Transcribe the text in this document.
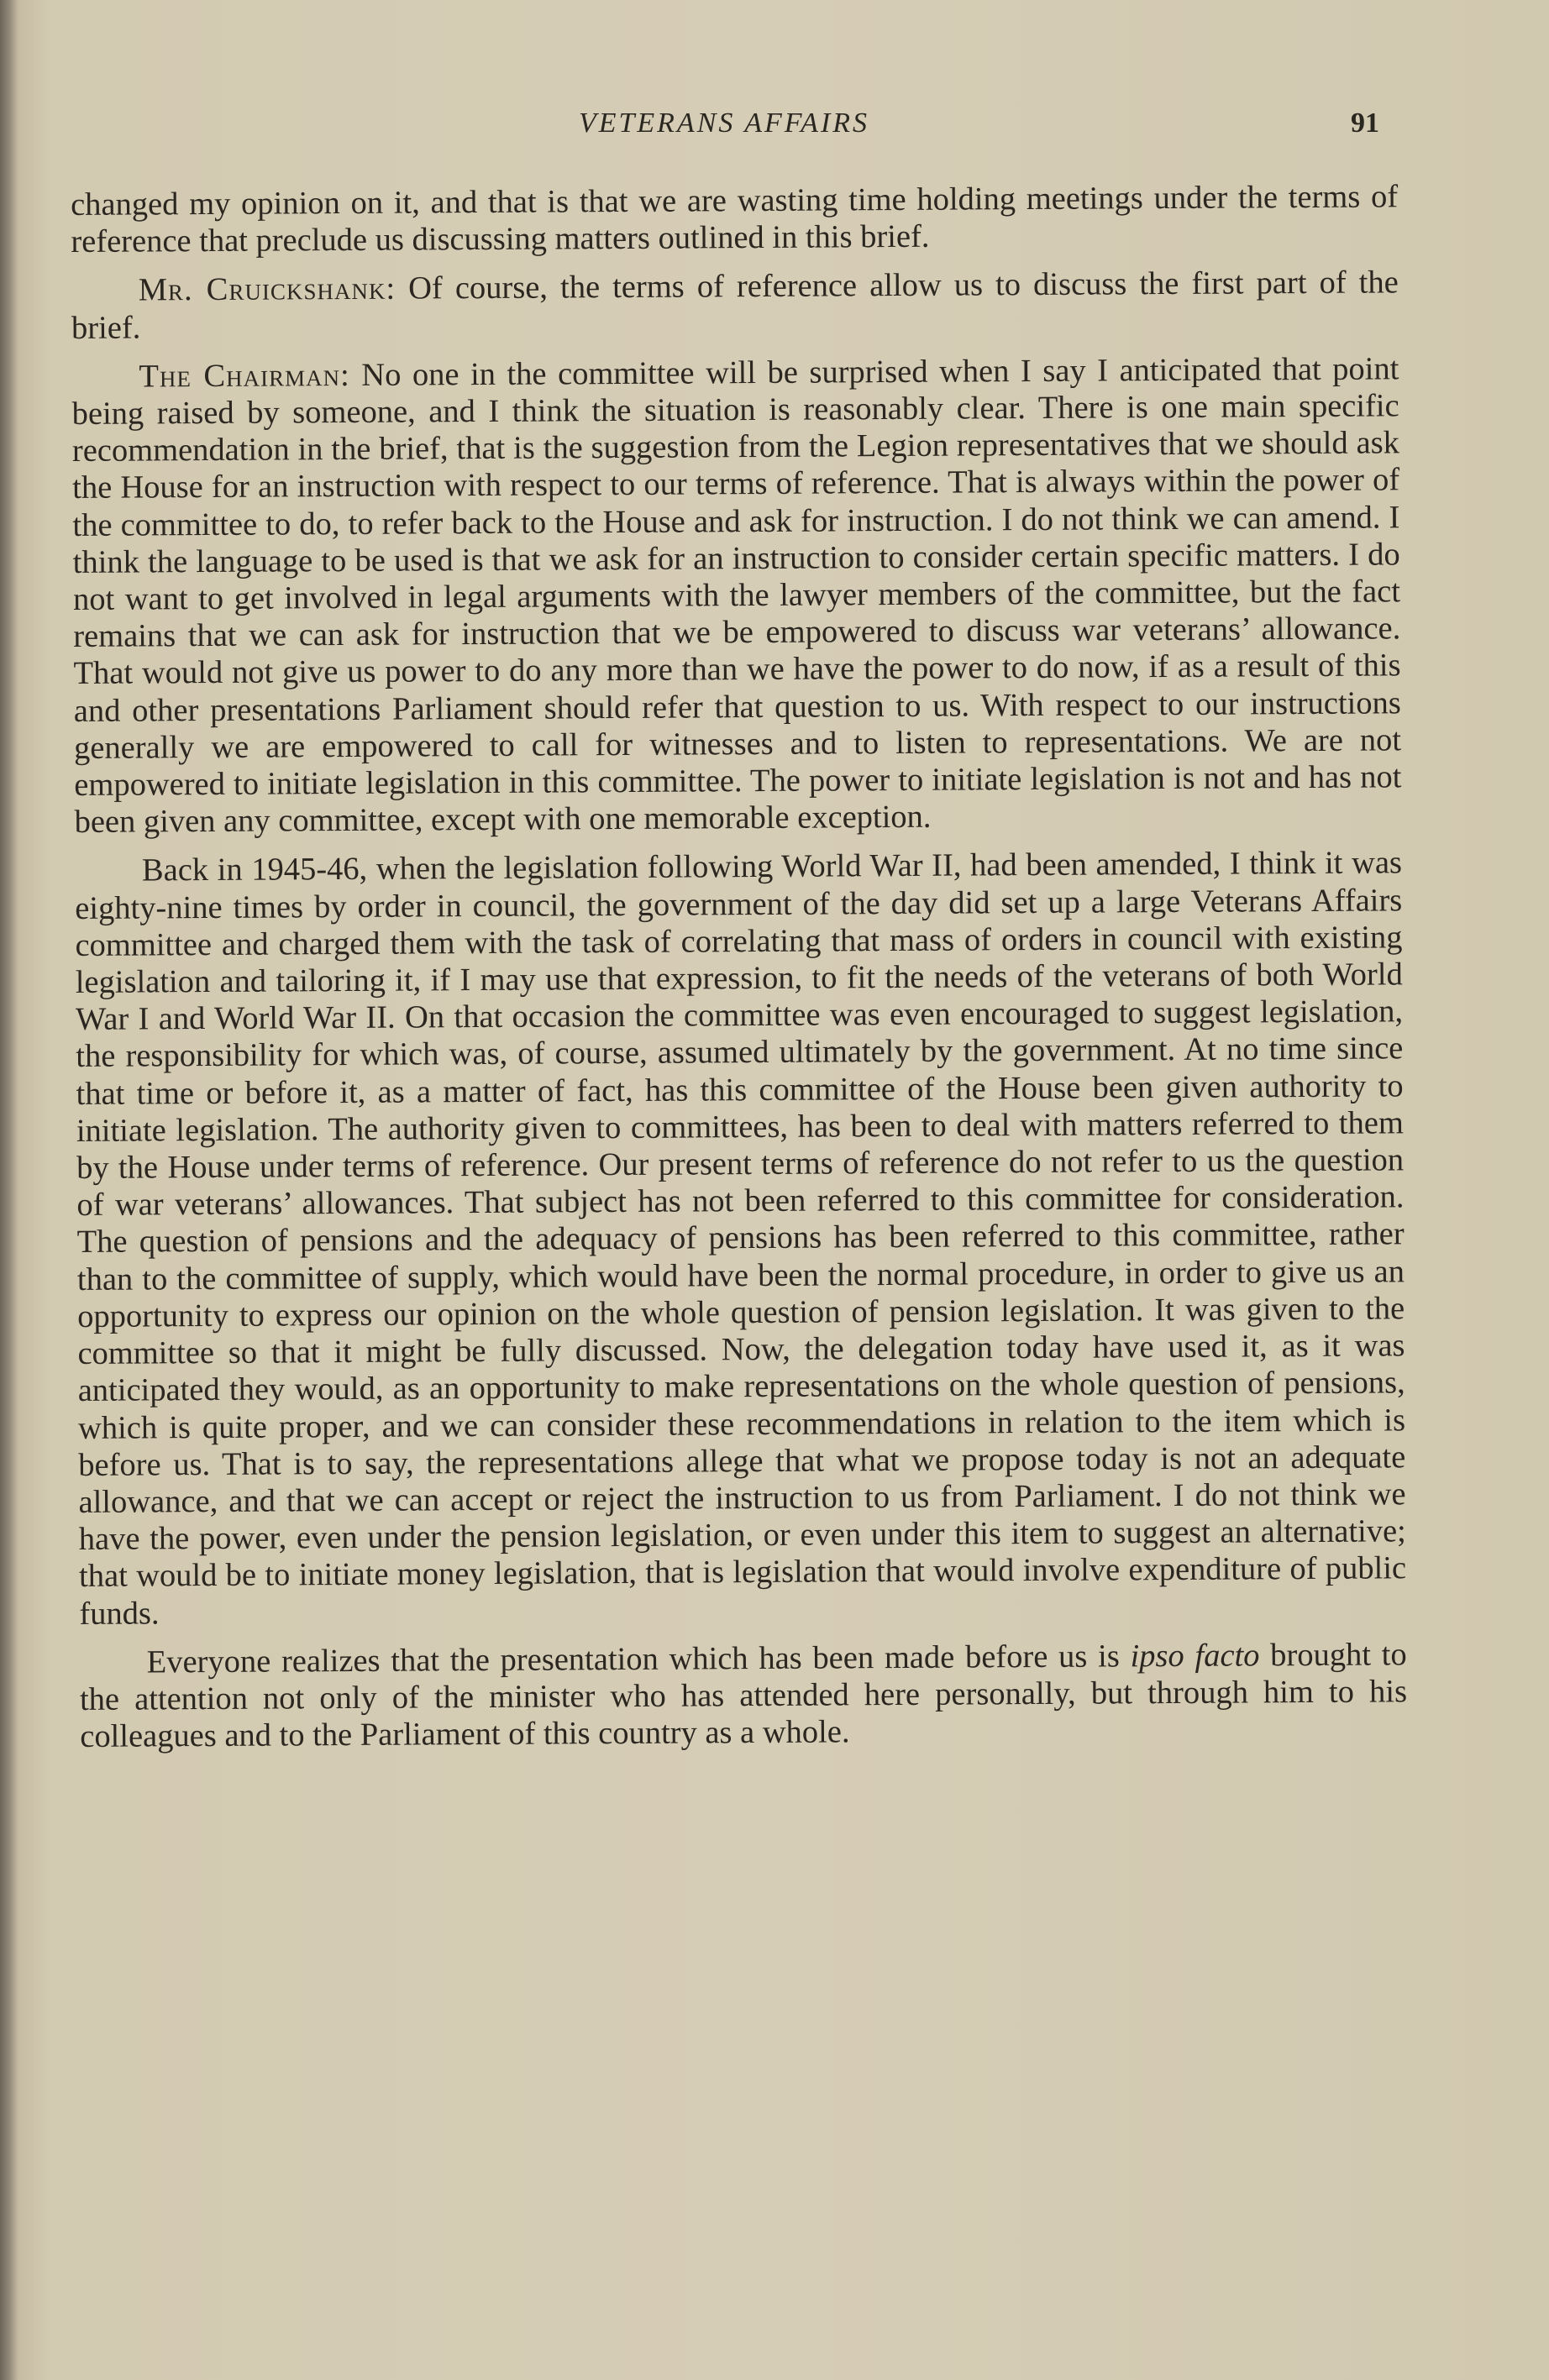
VETERANS AFFAIRS	91

changed my opinion on it, and that is that we are wasting time holding meetings under the terms of reference that preclude us discussing matters outlined in this brief.

Mr. Cruickshank: Of course, the terms of reference allow us to discuss the first part of the brief.

The Chairman: No one in the committee will be surprised when I say I anticipated that point being raised by someone, and I think the situation is reasonably clear. There is one main specific recommendation in the brief, that is the suggestion from the Legion representatives that we should ask the House for an instruction with respect to our terms of reference. That is always within the power of the committee to do, to refer back to the House and ask for instruction. I do not think we can amend. I think the language to be used is that we ask for an instruction to consider certain specific matters. I do not want to get involved in legal arguments with the lawyer members of the committee, but the fact remains that we can ask for instruction that we be empowered to discuss war veterans’ allowance. That would not give us power to do any more than we have the power to do now, if as a result of this and other presentations Parliament should refer that question to us. With respect to our instructions generally we are empowered to call for witnesses and to listen to representations. We are not empowered to initiate legislation in this committee. The power to initiate legislation is not and has not been given any committee, except with one memorable exception.

Back in 1945-46, when the legislation following World War II, had been amended, I think it was eighty-nine times by order in council, the government of the day did set up a large Veterans Affairs committee and charged them with the task of correlating that mass of orders in council with existing legislation and tailoring it, if I may use that expression, to fit the needs of the veterans of both World War I and World War II. On that occasion the committee was even encouraged to suggest legislation, the responsibility for which was, of course, assumed ultimately by the government. At no time since that time or before it, as a matter of fact, has this committee of the House been given authority to initiate legislation. The authority given to committees, has been to deal with matters referred to them by the House under terms of reference. Our present terms of reference do not refer to us the question of war veterans’ allowances. That subject has not been referred to this committee for consideration. The question of pensions and the adequacy of pensions has been referred to this committee, rather than to the committee of supply, which would have been the normal procedure, in order to give us an opportunity to express our opinion on the whole question of pension legislation. It was given to the committee so that it might be fully discussed. Now, the delegation today have used it, as it was anticipated they would, as an opportunity to make representations on the whole question of pensions, which is quite proper, and we can consider these recommendations in relation to the item which is before us. That is to say, the representations allege that what we propose today is not an adequate allowance, and that we can accept or reject the instruction to us from Parliament. I do not think we have the power, even under the pension legislation, or even under this item to suggest an alternative; that would be to initiate money legislation, that is legislation that would involve expenditure of public funds.

Everyone realizes that the presentation which has been made before us is ipso facto brought to the attention not only of the minister who has attended here personally, but through him to his colleagues and to the Parliament of this country as a whole.
